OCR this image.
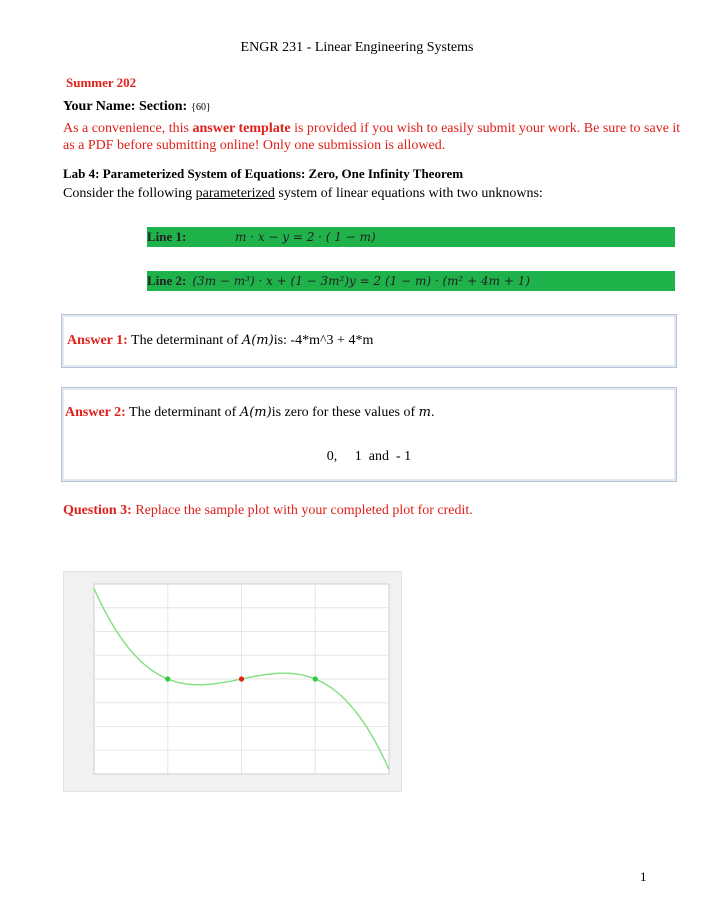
ENGR 231 - Linear Engineering Systems
Summer 202
Your Name: Section: {60}
As a convenience, this answer template is provided if you wish to easily submit your work. Be sure to save it as a PDF before submitting online! Only one submission is allowed.
Lab 4: Parameterized System of Equations: Zero, One Infinity Theorem
Consider the following parameterized system of linear equations with two unknowns:
Line 1:	m · x − y = 2 · ( 1 − m)
Line 2: (3m − m³) · x + (1 − 3m²)y = 2 (1 − m) · (m² + 4m + 1)
Answer 1: The determinant of A(m)is: -4*m^3 + 4*m
Answer 2: The determinant of A(m)is zero for these values of m.
0,     1  and  - 1
Question 3: Replace the sample plot with your completed plot for credit.
1
